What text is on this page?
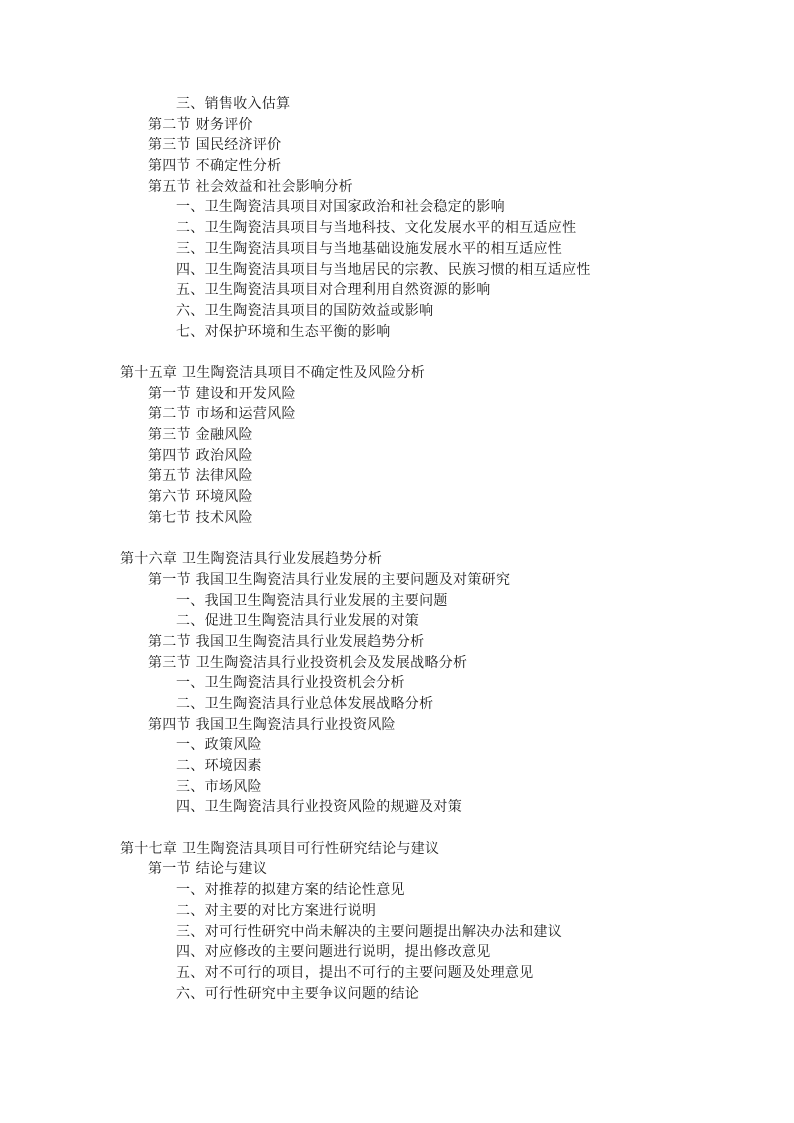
三、销售收入估算
第二节 财务评价
第三节 国民经济评价
第四节 不确定性分析
第五节 社会效益和社会影响分析
一、卫生陶瓷洁具项目对国家政治和社会稳定的影响
二、卫生陶瓷洁具项目与当地科技、文化发展水平的相互适应性
三、卫生陶瓷洁具项目与当地基础设施发展水平的相互适应性
四、卫生陶瓷洁具项目与当地居民的宗教、民族习惯的相互适应性
五、卫生陶瓷洁具项目对合理利用自然资源的影响
六、卫生陶瓷洁具项目的国防效益或影响
七、对保护环境和生态平衡的影响
第十五章 卫生陶瓷洁具项目不确定性及风险分析
第一节 建设和开发风险
第二节 市场和运营风险
第三节 金融风险
第四节 政治风险
第五节 法律风险
第六节 环境风险
第七节 技术风险
第十六章 卫生陶瓷洁具行业发展趋势分析
第一节 我国卫生陶瓷洁具行业发展的主要问题及对策研究
一、我国卫生陶瓷洁具行业发展的主要问题
二、促进卫生陶瓷洁具行业发展的对策
第二节 我国卫生陶瓷洁具行业发展趋势分析
第三节 卫生陶瓷洁具行业投资机会及发展战略分析
一、卫生陶瓷洁具行业投资机会分析
二、卫生陶瓷洁具行业总体发展战略分析
第四节 我国卫生陶瓷洁具行业投资风险
一、政策风险
二、环境因素
三、市场风险
四、卫生陶瓷洁具行业投资风险的规避及对策
第十七章 卫生陶瓷洁具项目可行性研究结论与建议
第一节 结论与建议
一、对推荐的拟建方案的结论性意见
二、对主要的对比方案进行说明
三、对可行性研究中尚未解决的主要问题提出解决办法和建议
四、对应修改的主要问题进行说明，提出修改意见
五、对不可行的项目，提出不可行的主要问题及处理意见
六、可行性研究中主要争议问题的结论
